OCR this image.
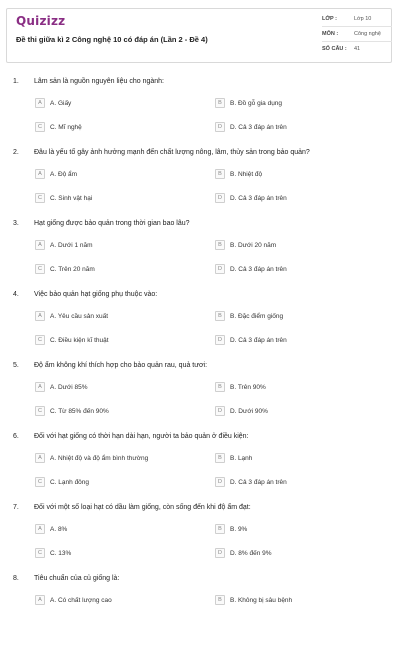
Quizizz
Đề thi giữa kì 2 Công nghệ 10 có đáp án (Lần 2 - Đề 4)
LỚP :	Lớp 10
MÔN :	Công nghệ
SỐ CÂU :	41
1. Lâm sản là nguồn nguyên liệu cho ngành:
A	A. Giấy	B	B. Đồ gỗ gia dụng
C	C. Mĩ nghệ	D	D. Cả 3 đáp án trên
2. Đâu là yếu tố gây ảnh hưởng mạnh đến chất lượng nông, lâm, thủy sản trong bảo quản?
A	A. Độ ẩm	B	B. Nhiệt độ
C	C. Sinh vật hại	D	D. Cả 3 đáp án trên
3. Hạt giống được bảo quản trong thời gian bao lâu?
A	A. Dưới 1 năm	B	B. Dưới 20 năm
C	C. Trên 20 năm	D	D. Cả 3 đáp án trên
4. Việc bảo quản hạt giống phụ thuộc vào:
A	A. Yêu cầu sản xuất	B	B. Đặc điểm giống
C	C. Điều kiện kĩ thuật	D	D. Cả 3 đáp án trên
5. Độ ẩm không khí thích hợp cho bảo quản rau, quả tươi:
A	A. Dưới 85%	B	B. Trên 90%
C	C. Từ 85% đến 90%	D	D. Dưới 90%
6. Đối với hạt giống có thời hạn dài hạn, người ta bảo quản ở điều kiện:
A	A. Nhiệt độ và độ ẩm bình thường	B	B. Lạnh
C	C. Lạnh đông	D	D. Cả 3 đáp án trên
7. Đối với một số loại hạt có dầu làm giống, còn sống đến khi độ ẩm đạt:
A	A. 8%	B	B. 9%
C	C. 13%	D	D. 8% đến 9%
8. Tiêu chuẩn của củ giống là:
A	A. Có chất lượng cao	B	B. Không bị sâu bệnh
